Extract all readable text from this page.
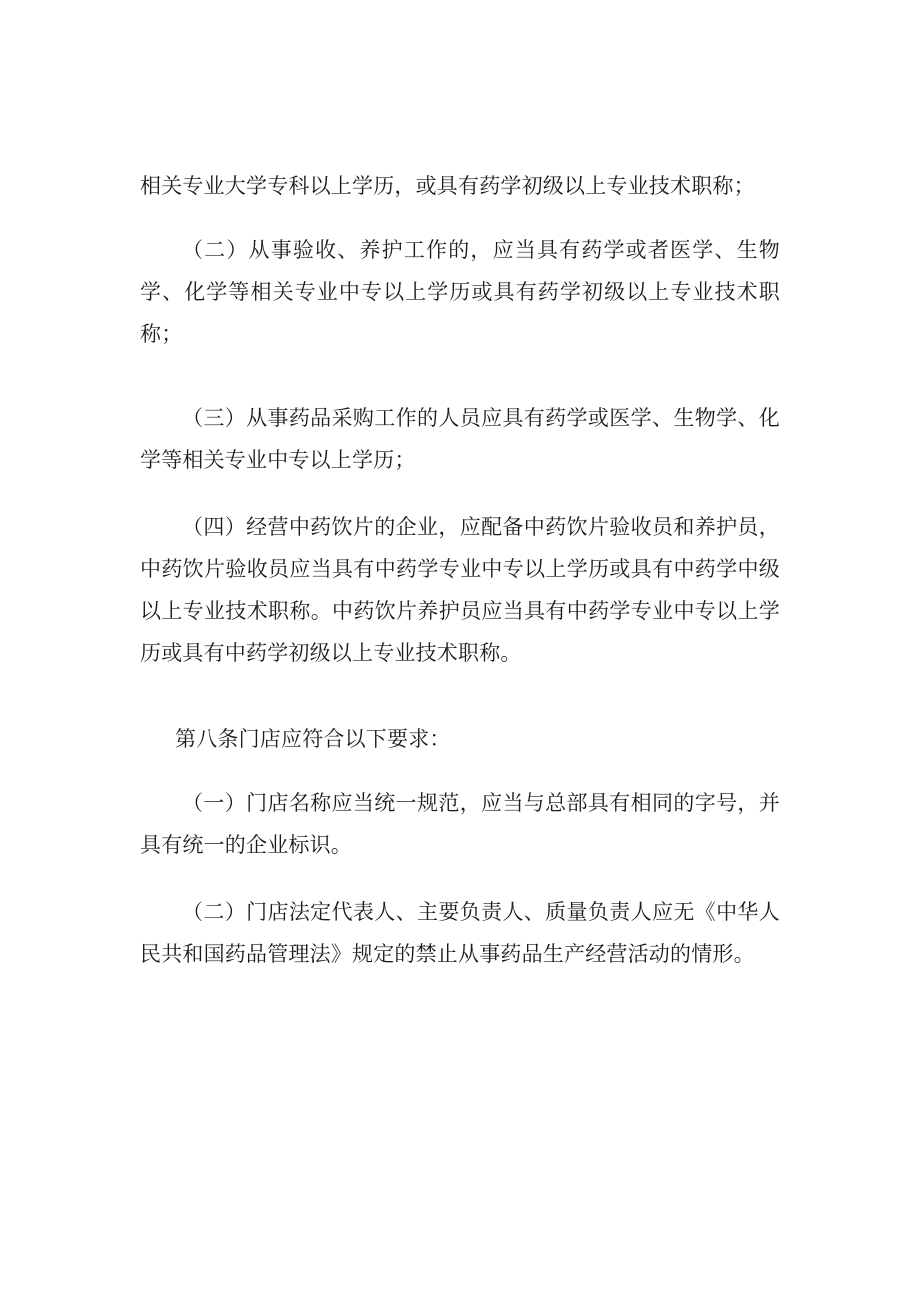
相关专业大学专科以上学历，或具有药学初级以上专业技术职称；

（二）从事验收、养护工作的，应当具有药学或者医学、生物学、化学等相关专业中专以上学历或具有药学初级以上专业技术职称；

（三）从事药品采购工作的人员应具有药学或医学、生物学、化学等相关专业中专以上学历；

（四）经营中药饮片的企业，应配备中药饮片验收员和养护员，中药饮片验收员应当具有中药学专业中专以上学历或具有中药学中级以上专业技术职称。中药饮片养护员应当具有中药学专业中专以上学历或具有中药学初级以上专业技术职称。

第八条门店应符合以下要求：

（一）门店名称应当统一规范，应当与总部具有相同的字号，并具有统一的企业标识。

（二）门店法定代表人、主要负责人、质量负责人应无《中华人民共和国药品管理法》规定的禁止从事药品生产经营活动的情形。
